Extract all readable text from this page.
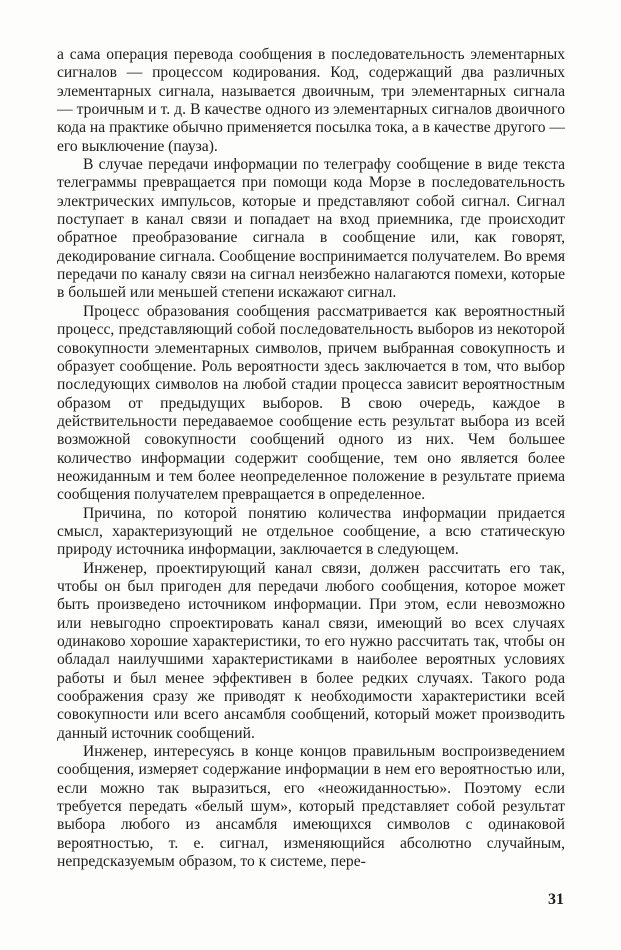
а сама операция перевода сообщения в последовательность элементарных сигналов — процессом кодирования. Код, содержащий два различных элементарных сигнала, называется двоичным, три элементарных сигнала — троичным и т. д. В качестве одного из элементарных сигналов двоичного кода на практике обычно применяется посылка тока, а в качестве другого — его выключение (пауза).

В случае передачи информации по телеграфу сообщение в виде текста телеграммы превращается при помощи кода Морзе в последовательность электрических импульсов, которые и представляют собой сигнал. Сигнал поступает в канал связи и попадает на вход приемника, где происходит обратное преобразование сигнала в сообщение или, как говорят, декодирование сигнала. Сообщение воспринимается получателем. Во время передачи по каналу связи на сигнал неизбежно налагаются помехи, которые в большей или меньшей степени искажают сигнал.

Процесс образования сообщения рассматривается как вероятностный процесс, представляющий собой последовательность выборов из некоторой совокупности элементарных символов, причем выбранная совокупность и образует сообщение. Роль вероятности здесь заключается в том, что выбор последующих символов на любой стадии процесса зависит вероятностным образом от предыдущих выборов. В свою очередь, каждое в действительности передаваемое сообщение есть результат выбора из всей возможной совокупности сообщений одного из них. Чем большее количество информации содержит сообщение, тем оно является более неожиданным и тем более неопределенное положение в результате приема сообщения получателем превращается в определенное.

Причина, по которой понятию количества информации придается смысл, характеризующий не отдельное сообщение, а всю статическую природу источника информации, заключается в следующем.

Инженер, проектирующий канал связи, должен рассчитать его так, чтобы он был пригоден для передачи любого сообщения, которое может быть произведено источником информации. При этом, если невозможно или невыгодно спроектировать канал связи, имеющий во всех случаях одинаково хорошие характеристики, то его нужно рассчитать так, чтобы он обладал наилучшими характеристиками в наиболее вероятных условиях работы и был менее эффективен в более редких случаях. Такого рода соображения сразу же приводят к необходимости характеристики всей совокупности или всего ансамбля сообщений, который может производить данный источник сообщений.

Инженер, интересуясь в конце концов правильным воспроизведением сообщения, измеряет содержание информации в нем его вероятностью или, если можно так выразиться, его «неожиданностью». Поэтому если требуется передать «белый шум», который представляет собой результат выбора любого из ансамбля имеющихся символов с одинаковой вероятностью, т. е. сигнал, изменяющийся абсолютно случайным, непредсказуемым образом, то к системе, пере-

31
